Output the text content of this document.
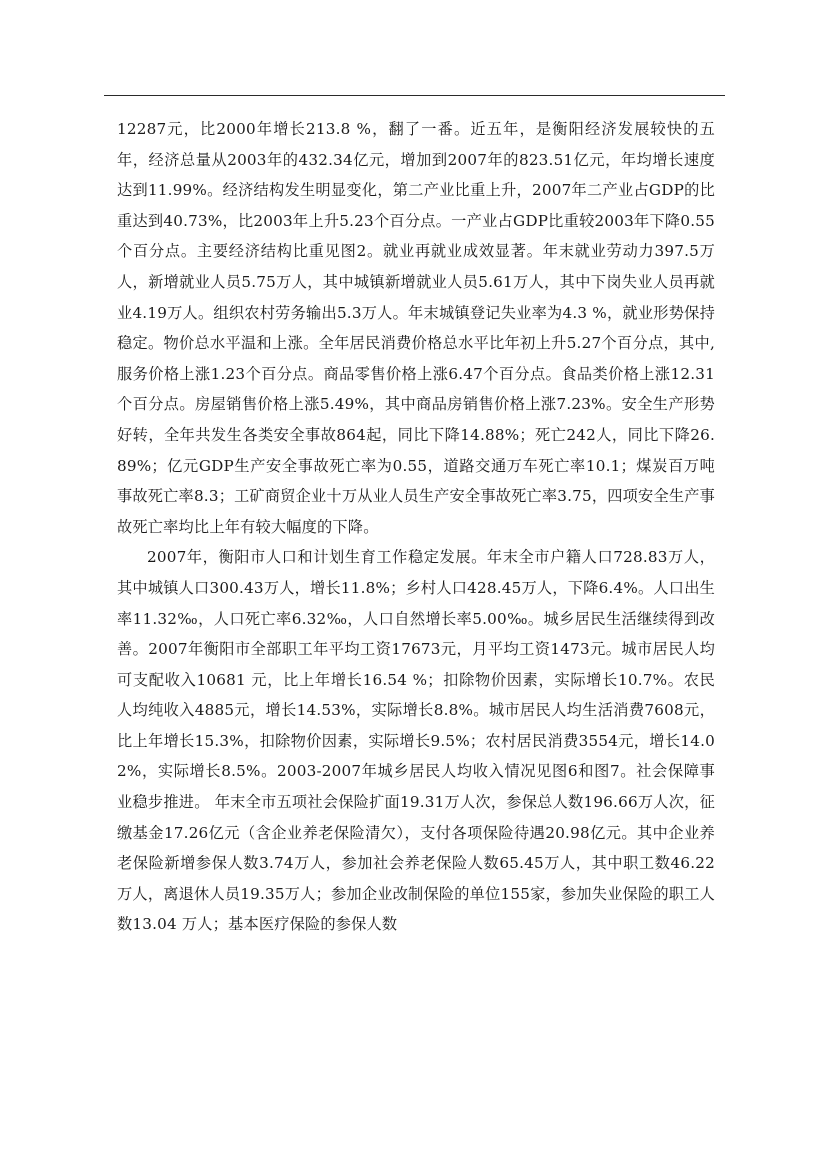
12287元，比2000年增长213.8 %，翻了一番。近五年，是衡阳经济发展较快的五年，经济总量从2003年的432.34亿元，增加到2007年的823.51亿元，年均增长速度达到11.99%。经济结构发生明显变化，第二产业比重上升，2007年二产业占GDP的比重达到40.73%，比2003年上升5.23个百分点。一产业占GDP比重较2003年下降0.55个百分点。主要经济结构比重见图2。就业再就业成效显著。年末就业劳动力397.5万人，新增就业人员5.75万人，其中城镇新增就业人员5.61万人，其中下岗失业人员再就业4.19万人。组织农村劳务输出5.3万人。年末城镇登记失业率为4.3 %，就业形势保持稳定。物价总水平温和上涨。全年居民消费价格总水平比年初上升5.27个百分点，其中,服务价格上涨1.23个百分点。商品零售价格上涨6.47个百分点。食品类价格上涨12.31个百分点。房屋销售价格上涨5.49%，其中商品房销售价格上涨7.23%。安全生产形势好转，全年共发生各类安全事故864起，同比下降14.88%；死亡242人，同比下降26.89%；亿元GDP生产安全事故死亡率为0.55，道路交通万车死亡率10.1；煤炭百万吨事故死亡率8.3；工矿商贸企业十万从业人员生产安全事故死亡率3.75，四项安全生产事故死亡率均比上年有较大幅度的下降。

2007年，衡阳市人口和计划生育工作稳定发展。年末全市户籍人口728.83万人，其中城镇人口300.43万人，增长11.8%；乡村人口428.45万人，下降6.4%。人口出生率11.32‰，人口死亡率6.32‰，人口自然增长率5.00‰。城乡居民生活继续得到改善。2007年衡阳市全部职工年平均工资17673元，月平均工资1473元。城市居民人均可支配收入10681 元，比上年增长16.54 %；扣除物价因素，实际增长10.7%。农民人均纯收入4885元，增长14.53%，实际增长8.8%。城市居民人均生活消费7608元，比上年增长15.3%，扣除物价因素，实际增长9.5%；农村居民消费3554元，增长14.02%，实际增长8.5%。2003-2007年城乡居民人均收入情况见图6和图7。社会保障事业稳步推进。 年末全市五项社会保险扩面19.31万人次，参保总人数196.66万人次，征缴基金17.26亿元（含企业养老保险清欠），支付各项保险待遇20.98亿元。其中企业养老保险新增参保人数3.74万人，参加社会养老保险人数65.45万人，其中职工数46.22万人，离退休人员19.35万人；参加企业改制保险的单位155家，参加失业保险的职工人数13.04 万人；基本医疗保险的参保人数
